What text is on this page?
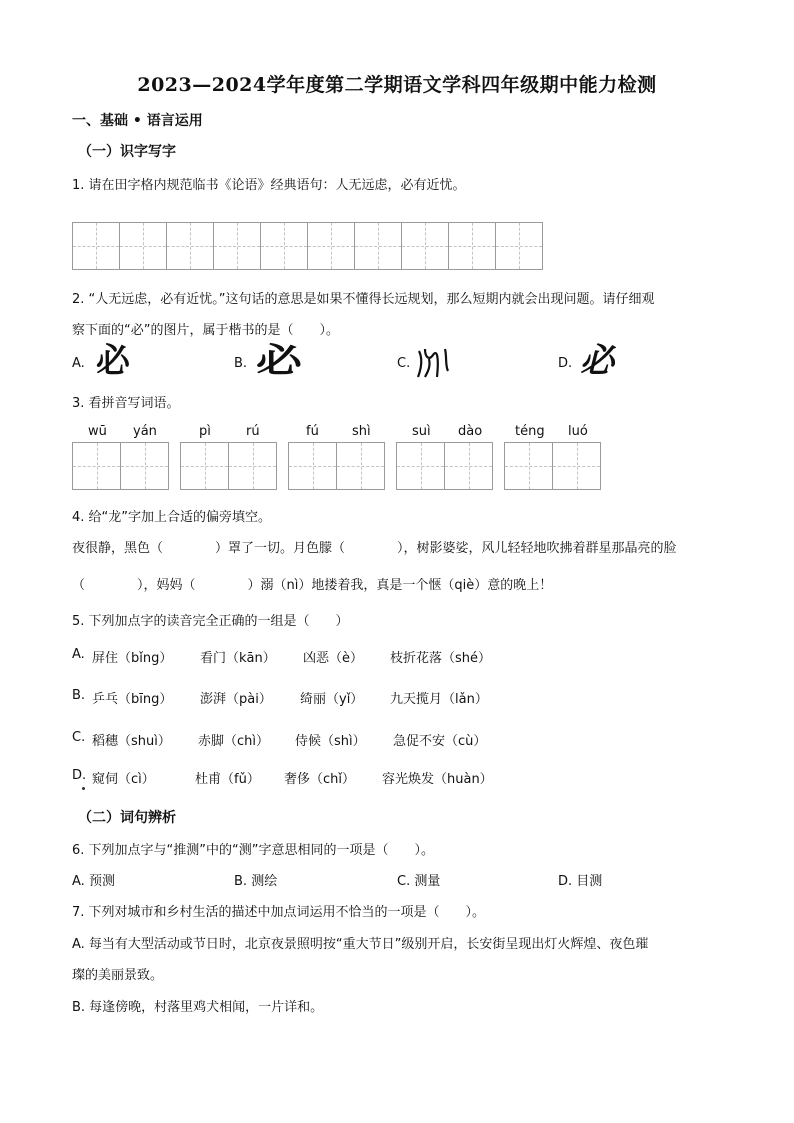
2023—2024学年度第二学期语文学科四年级期中能力检测
一、基础 • 语言运用
（一）识字写字
1. 请在田字格内规范临书《论语》经典语句：人无远虑，必有近忧。
2. “人无远虑，必有近忧。”这句话的意思是如果不懂得长远规划，那么短期内就会出现问题。请仔细观
察下面的“必”的图片，属于楷书的是（　　）。
A. 必	B. 必	C.	D. 必
3. 看拼音写词语。
wū yán	pì	rú	fú	shì	suì dào	téng luó
4. 给“龙”字加上合适的偏旁填空。
夜很静，黑色（　　　　）罩了一切。月色朦（　　　　），树影婆娑，风儿轻轻地吹拂着群星那晶亮的脸
（　　　　），妈妈（　　　　）溺（nì）地搂着我，真是一个惬（qiè）意的晚上！
5. 下列加点字的读音完全正确的一组是（　　）
A. 屏住（bǐng） 看门（kān） 凶恶（è） 枝折花落（shé）
B. 乒乓（bīng） 澎湃（pài） 绮丽（yǐ） 九天揽月（lǎn）
C. 稻穗（shuì） 赤脚（chì） 侍候（shì） 急促不安（cù）
D. 窥伺（cì）	杜甫（fǔ） 奢侈（chǐ） 容光焕发（huàn）
（二）词句辨析
6. 下列加点字与“推测”中的“测”字意思相同的一项是（　　）。
A. 预测	B. 测绘	C. 测量	D. 目测
7. 下列对城市和乡村生活的描述中加点词运用不恰当的一项是（　　）。
A. 每当有大型活动或节日时，北京夜景照明按“重大节日”级别开启，长安街呈现出灯火辉煌、夜色璀
璨的美丽景致。
B. 每逢傍晚，村落里鸡犬相闻，一片详和。
